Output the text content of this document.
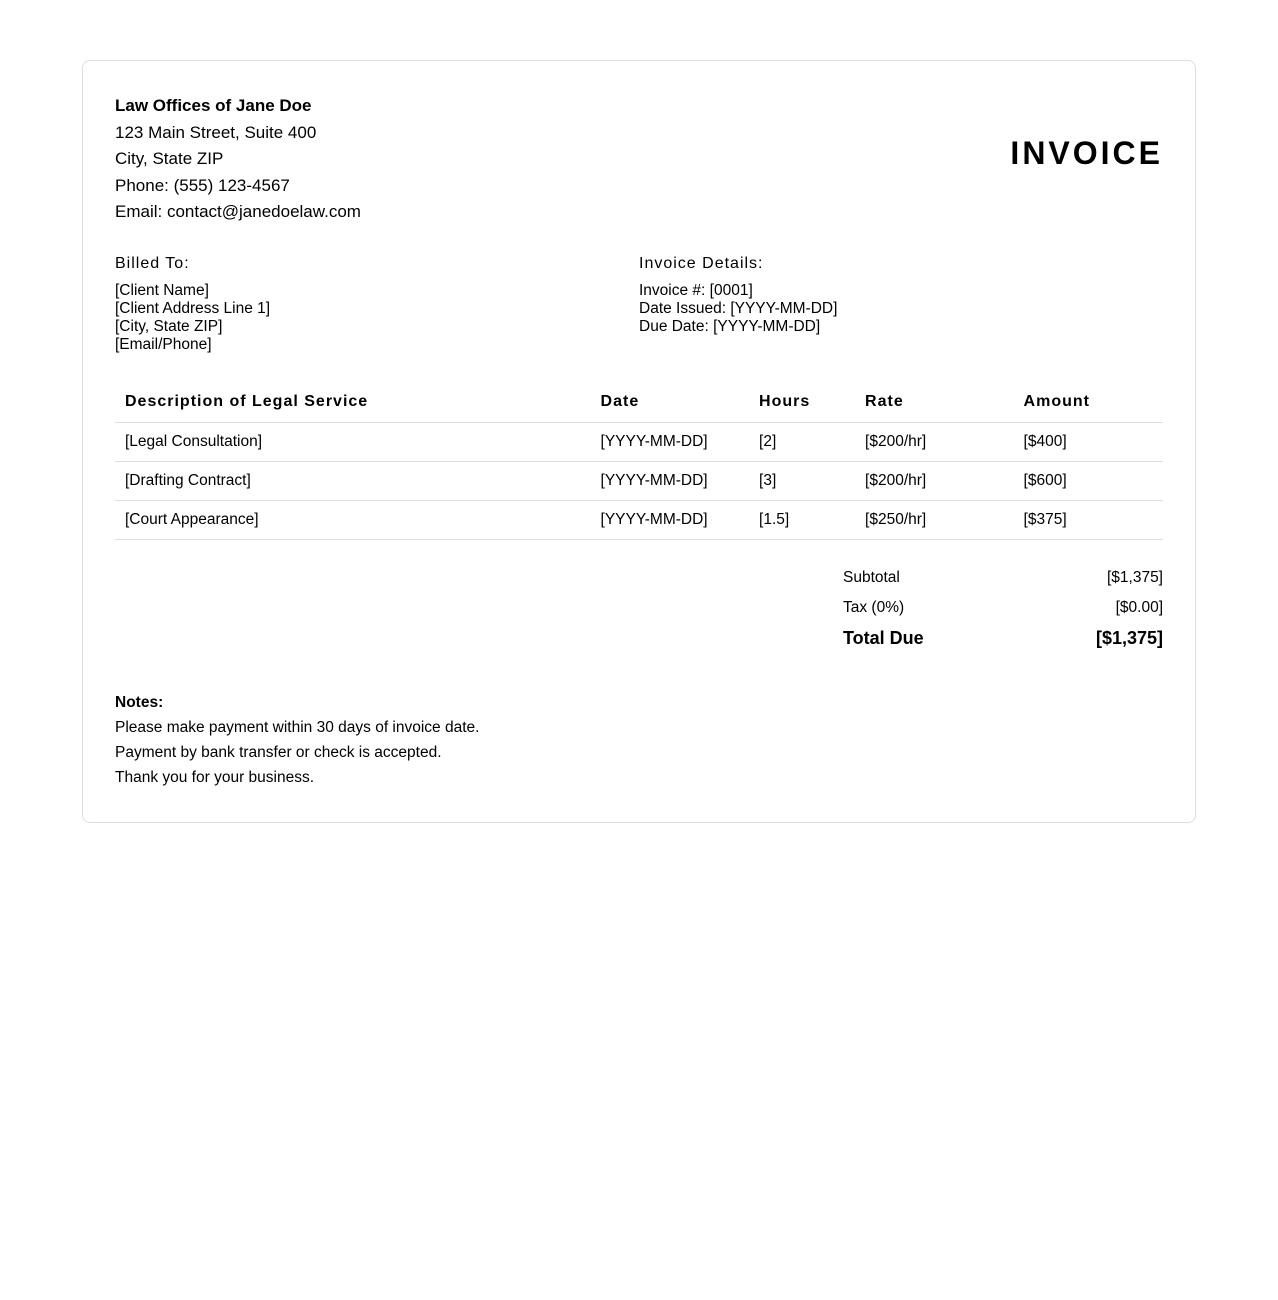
Law Offices of Jane Doe
123 Main Street, Suite 400
City, State ZIP
Phone: (555) 123-4567
Email: contact@janedoelaw.com
INVOICE
Billed To:
[Client Name]
[Client Address Line 1]
[City, State ZIP]
[Email/Phone]
Invoice Details:
Invoice #: [0001]
Date Issued: [YYYY-MM-DD]
Due Date: [YYYY-MM-DD]
Description of Legal Service	Date	Hours	Rate	Amount
[Legal Consultation]	[YYYY-MM-DD]	[2]	[$200/hr]	[$400]
[Drafting Contract]	[YYYY-MM-DD]	[3]	[$200/hr]	[$600]
[Court Appearance]	[YYYY-MM-DD]	[1.5]	[$250/hr]	[$375]
Subtotal	[$1,375]
Tax (0%)	[$0.00]
Total Due	[$1,375]
Notes:
Please make payment within 30 days of invoice date.
Payment by bank transfer or check is accepted.
Thank you for your business.
